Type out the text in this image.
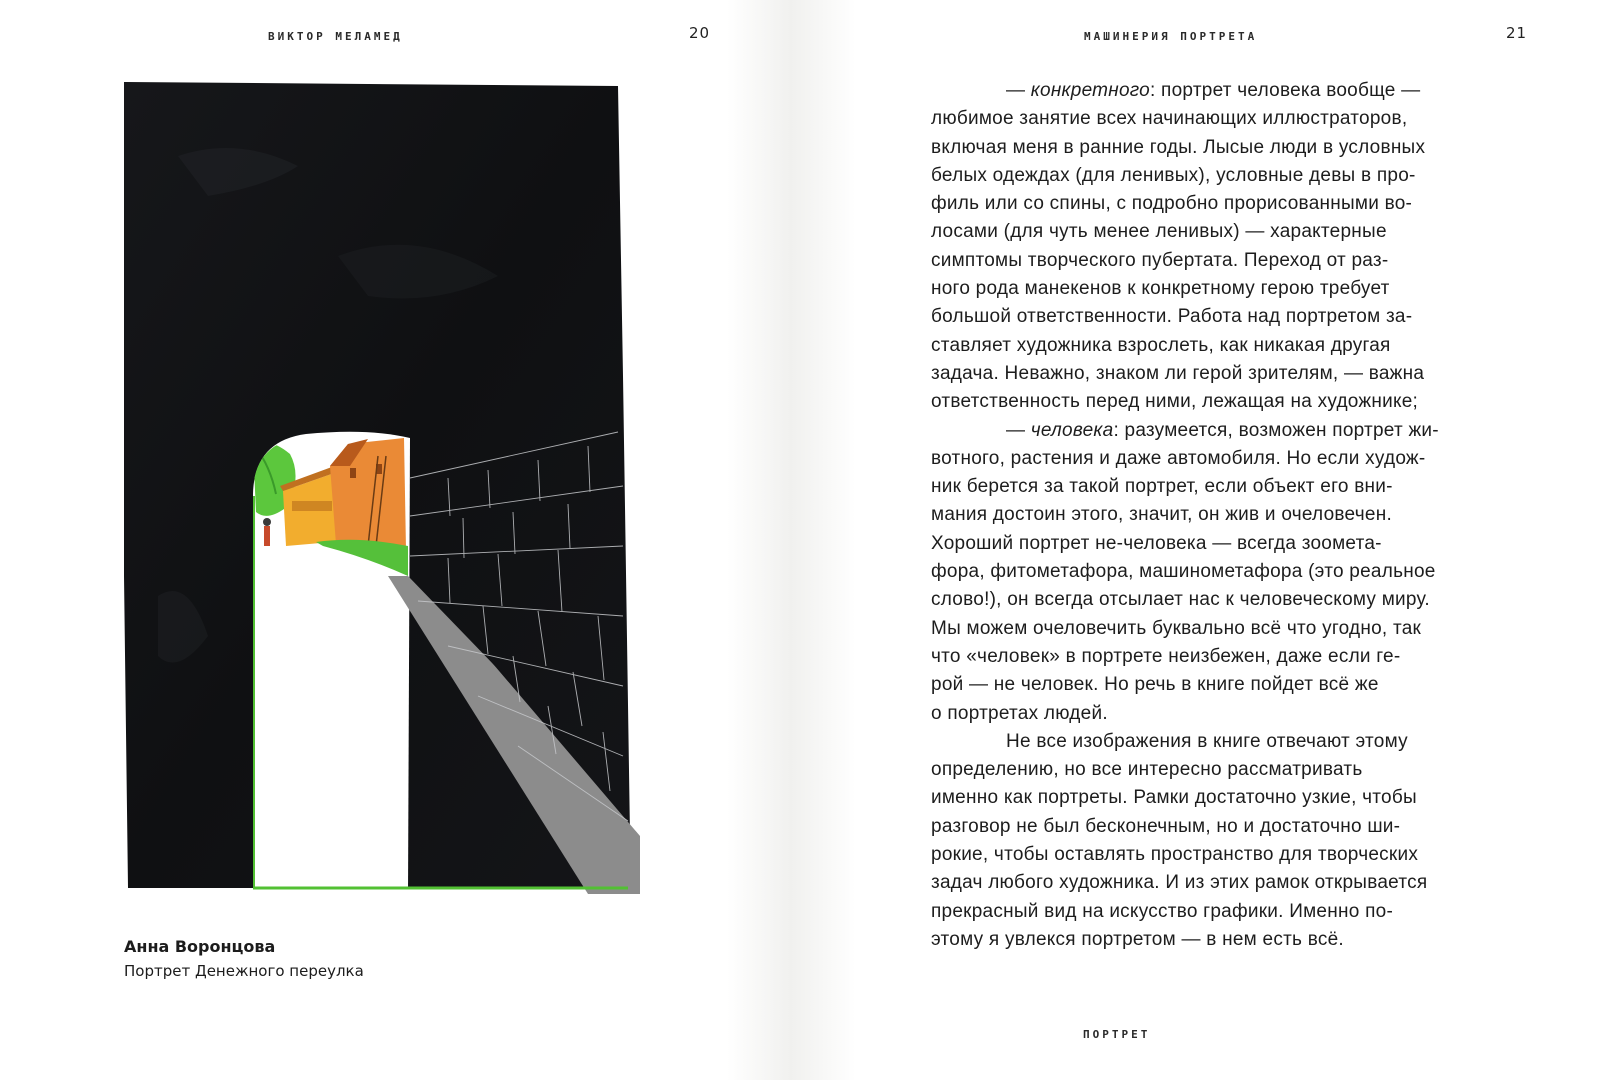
ВИКТОР МЕЛАМЕД	20
Анна Воронцова
Портрет Денежного переулка
МАШИНЕРИЯ ПОРТРЕТА	21
ПОРТРЕТ
— конкретного: портрет человека вообще —
любимое занятие всех начинающих иллюстраторов,
включая меня в ранние годы. Лысые люди в условных
белых одеждах (для ленивых), условные девы в про-
филь или со спины, с подробно прорисованными во-
лосами (для чуть менее ленивых) — характерные
симптомы творческого пубертата. Переход от раз-
ного рода манекенов к конкретному герою требует
большой ответственности. Работа над портретом за-
ставляет художника взрослеть, как никакая другая
задача. Неважно, знаком ли герой зрителям, — важна
ответственность перед ними, лежащая на художнике;
— человека: разумеется, возможен портрет жи-
вотного, растения и даже автомобиля. Но если худож-
ник берется за такой портрет, если объект его вни-
мания достоин этого, значит, он жив и очеловечен.
Хороший портрет не-человека — всегда зоомета-
фора, фитометафора, машинометафора (это реальное
слово!), он всегда отсылает нас к человеческому миру.
Мы можем очеловечить буквально всё что угодно, так
что «человек» в портрете неизбежен, даже если ге-
рой — не человек. Но речь в книге пойдет всё же
о портретах людей.
Не все изображения в книге отвечают этому
определению, но все интересно рассматривать
именно как портреты. Рамки достаточно узкие, чтобы
разговор не был бесконечным, но и достаточно ши-
рокие, чтобы оставлять пространство для творческих
задач любого художника. И из этих рамок открывается
прекрасный вид на искусство графики. Именно по-
этому я увлекся портретом — в нем есть всё.
